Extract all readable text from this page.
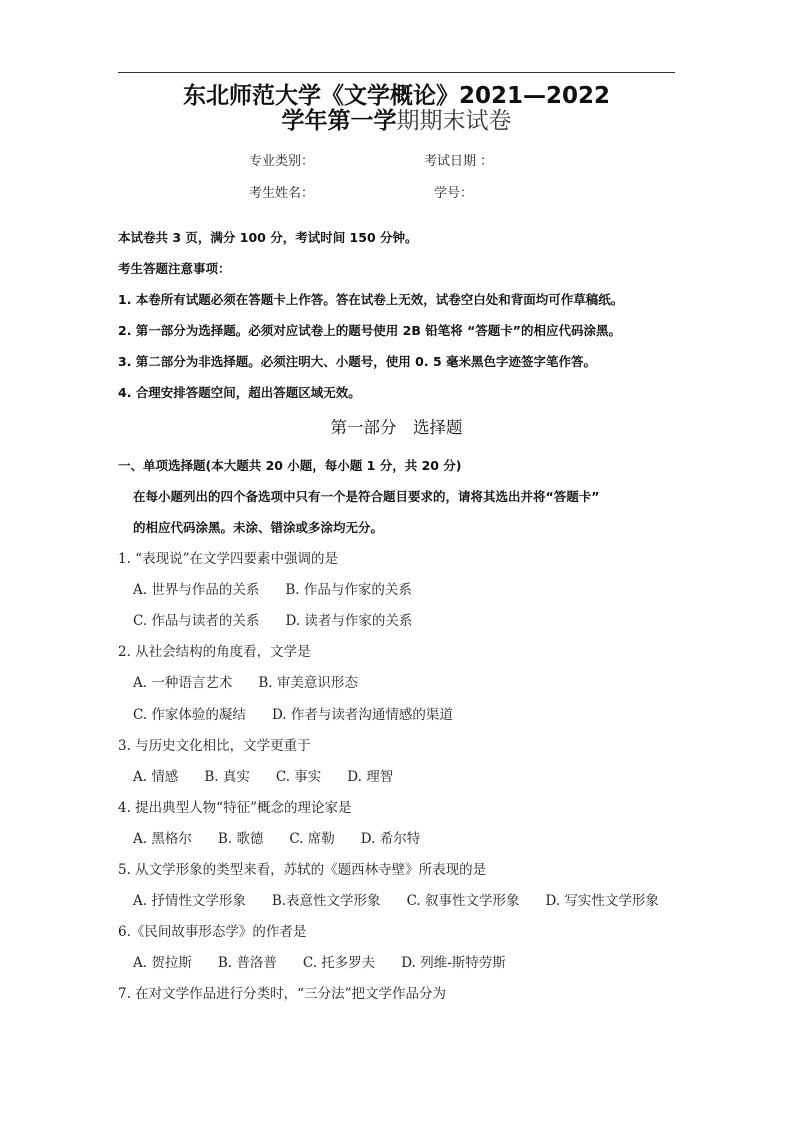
东北师范大学《文学概论》2021—2022
学年第一学期期末试卷
专业类别：	考试日期 ：
考生姓名：	学号：
本试卷共 3 页，满分 100 分，考试时间 150 分钟。
考生答题注意事项：
1. 本卷所有试题必须在答题卡上作答。答在试卷上无效，试卷空白处和背面均可作草稿纸。
2. 第一部分为选择题。必须对应试卷上的题号使用 2B 铅笔将 “答题卡”的相应代码涂黑。
3. 第二部分为非选择题。必须注明大、小题号，使用 0. 5 毫米黑色字迹签字笔作答。
4. 合理安排答题空间，超出答题区域无效。
第一部分　选择题
一、单项选择题(本大题共 20 小题，每小题 1 分，共 20 分)
在每小题列出的四个备选项中只有一个是符合题目要求的，请将其选出并将“答题卡”
的相应代码涂黑。未涂、错涂或多涂均无分。
1. “表现说”在文学四要素中强调的是
A. 世界与作品的关系 B. 作品与作家的关系
C. 作品与读者的关系 D. 读者与作家的关系
2. 从社会结构的角度看，文学是
A. 一种语言艺术 B. 审美意识形态
C. 作家体验的凝结 D. 作者与读者沟通情感的渠道
3. 与历史文化相比，文学更重于
A. 情感 B. 真实 C. 事实 D. 理智
4. 提出典型人物“特征”概念的理论家是
A. 黑格尔 B. 歌德 C. 席勒 D. 希尔特
5. 从文学形象的类型来看，苏轼的《题西林寺壁》所表现的是
A. 抒情性文学形象 B.表意性文学形象 C. 叙事性文学形象 D. 写实性文学形象
6.《民间故事形态学》的作者是
A. 贺拉斯 B. 普洛普 C. 托多罗夫 D. 列维-斯特劳斯
7. 在对文学作品进行分类时，“三分法”把文学作品分为
